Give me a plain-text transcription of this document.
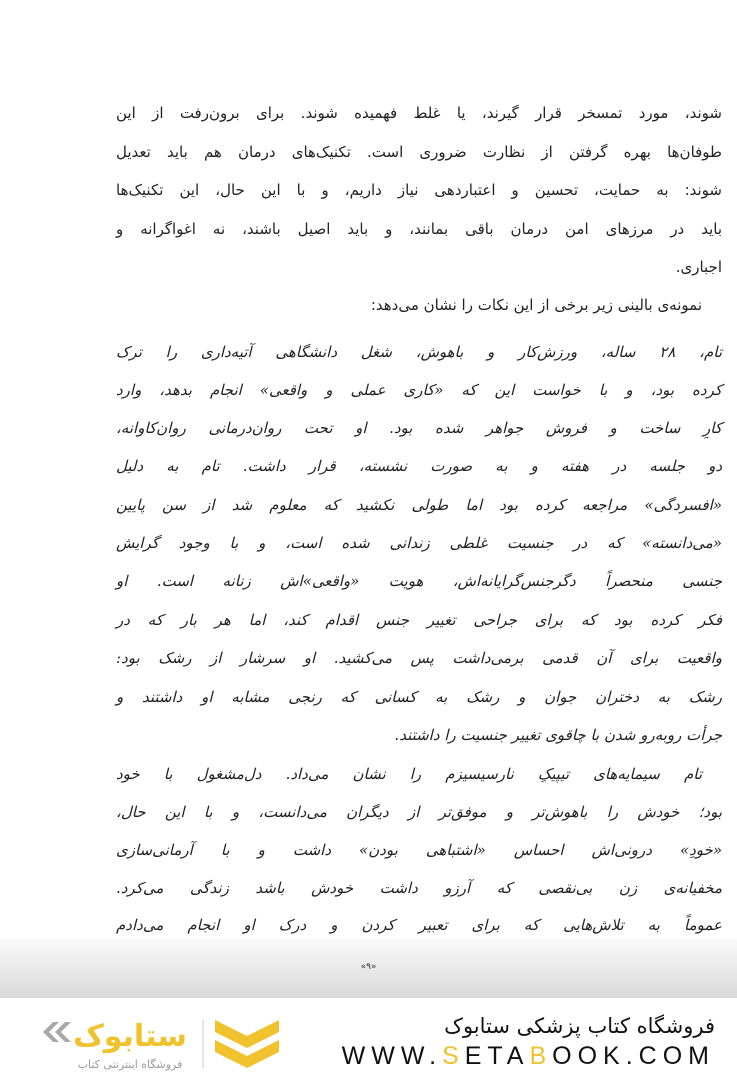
شوند، مورد تمسخر قرار گیرند، یا غلط فهمیده شوند. برای برون‌رفت از این
طوفان‌ها بهره گرفتن از نظارت ضروری است. تکنیک‌های درمان هم باید تعدیل
شوند: به حمایت، تحسین و اعتباردهی نیاز داریم، و با این حال، این تکنیک‌ها
باید در مرزهای امن درمان باقی بمانند، و باید اصیل باشند، نه اغواگرانه و
اجباری.
نمونه‌ی بالینی زیر برخی از این نکات را نشان می‌دهد:
تام، ۲۸ ساله، ورزش‌کار و باهوش، شغل دانشگاهی آتیه‌داری را ترک
کرده بود، و با خواست این که «کاری عملی و واقعی» انجام بدهد، وارد
کارِ ساخت و فروش جواهر شده بود. او تحت روان‌درمانی روان‌کاوانه،
دو جلسه در هفته و به صورت نشسته، قرار داشت. تام به دلیل
«افسردگی» مراجعه کرده بود اما طولی نکشید که معلوم شد از سن پایین
«می‌دانسته» که در جنسیت غلطی زندانی شده است، و با وجود گرایش
جنسی منحصراً دگرجنس‌گرایانه‌اش، هویت «واقعی»اش زنانه است. او
فکر کرده بود که برای جراحی تغییر جنس اقدام کند، اما هر بار که در
واقعیت برای آن قدمی برمی‌داشت پس می‌کشید. او سرشار از رشک بود:
رشک به دختران جوان و رشک به کسانی که رنجی مشابه او داشتند و
جرأت روبه‌رو شدن با چاقوی تغییر جنسیت را داشتند.
تام سیمایه‌های تیپیکِ نارسیسیزم را نشان می‌داد. دل‌مشغول با خود
بود؛ خودش را باهوش‌تر و موفق‌تر از دیگران می‌دانست، و با این حال،
«خودِ» درونی‌اش احساس «اشتباهی بودن» داشت و با آرمانی‌سازی
مخفیانه‌ی زن بی‌نقصی که آرزو داشت خودش باشد زندگی می‌کرد.
عموماً به تلاش‌هایی که برای تعبیر کردن و درک او انجام می‌دادم
«۹»
ستابوک
فروشگاه اینترنتی کتاب
فروشگاه کتاب پزشکی ستابوک
WWW.SETABOOK.COM
